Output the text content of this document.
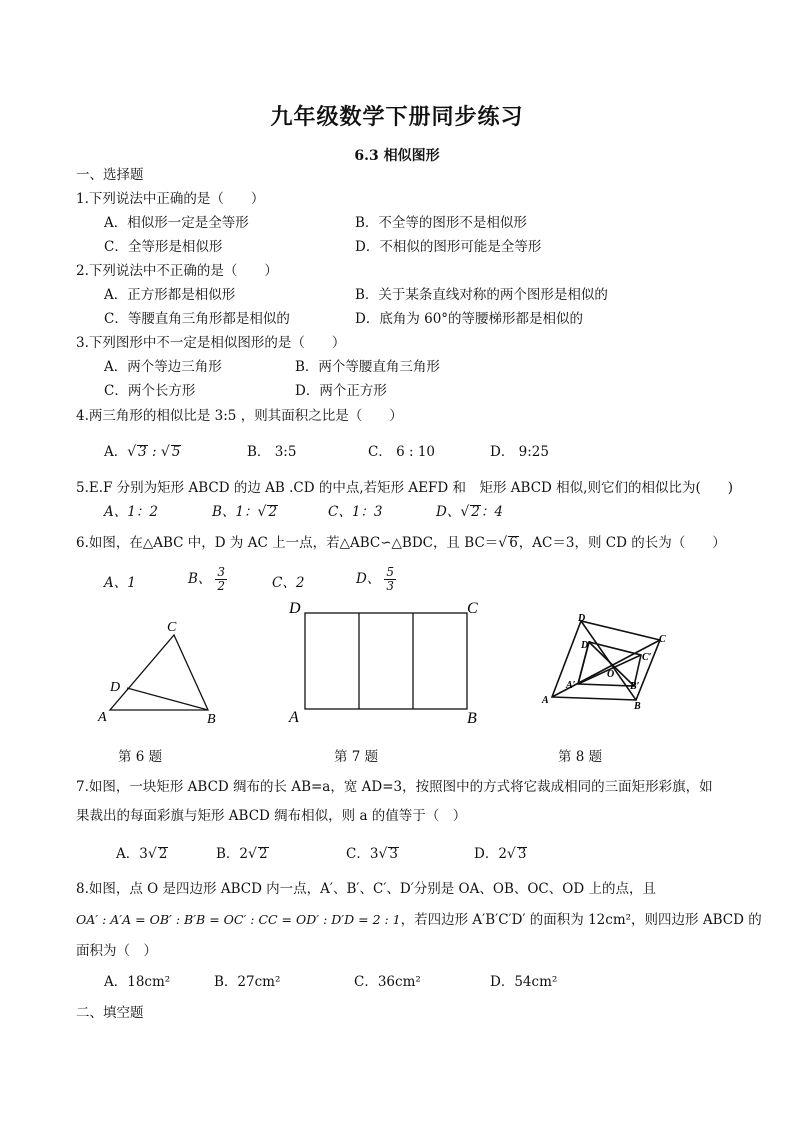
九年级数学下册同步练习
6.3 相似图形
一、选择题
1.下列说法中正确的是（　　）
A．相似形一定是全等形	B．不全等的图形不是相似形
C．全等形是相似形	D．不相似的图形可能是全等形
2.下列说法中不正确的是（　　）
A．正方形都是相似形	B．关于某条直线对称的两个图形是相似的
C．等腰直角三角形都是相似的	D．底角为 60°的等腰梯形都是相似的
3.下列图形中不一定是相似图形的是（　　）
A．两个等边三角形	B．两个等腰直角三角形
C．两个长方形	D．两个正方形
4.两三角形的相似比是 3:5 ，则其面积之比是（　　）
A．√ 3 : √ 5	B． 3:5	C． 6 : 10	D． 9:25
5.E.F 分别为矩形 ABCD 的边 AB .CD 的中点,若矩形 AEFD 和　矩形 ABCD 相似,则它们的相似比为(　　)
A、1：2	B、1：√ 2	C、1：3	D、√ 2：4
6.如图，在△ABC 中，D 为 AC 上一点，若△ABC∽△BDC，且 BC＝√ 6，AC＝3，则 CD 的长为（　　）
A、1	B、 $\frac{3}{2}$	C、2	D、 $\frac{5}{3}$
A	B
C
D
D	C
A	B
D
C
A
B
D′
C′
A′	B′
O
第 6 题	第 7 题	第 8 题
7.如图，一块矩形 ABCD 绸布的长 AB=a，宽 AD=3，按照图中的方式将它裁成相同的三面矩形彩旗，如
果裁出的每面彩旗与矩形 ABCD 绸布相似，则 a 的值等于（　）
A．3√ 2	B．2√ 2	C．3√ 3	D．2√ 3
8.如图，点 O 是四边形 ABCD 内一点，A′、B′、C′、D′分别是 OA、OB、OC、OD 上的点，且
OA′ : A′A = OB′ : B′B = OC′ : CC = OD′ : D′D = 2 : 1，若四边形 A′B′C′D′ 的面积为 12cm²，则四边形 ABCD 的
面积为（　）
A．18cm²	B．27cm²	C．36cm²	D．54cm²
二、填空题
